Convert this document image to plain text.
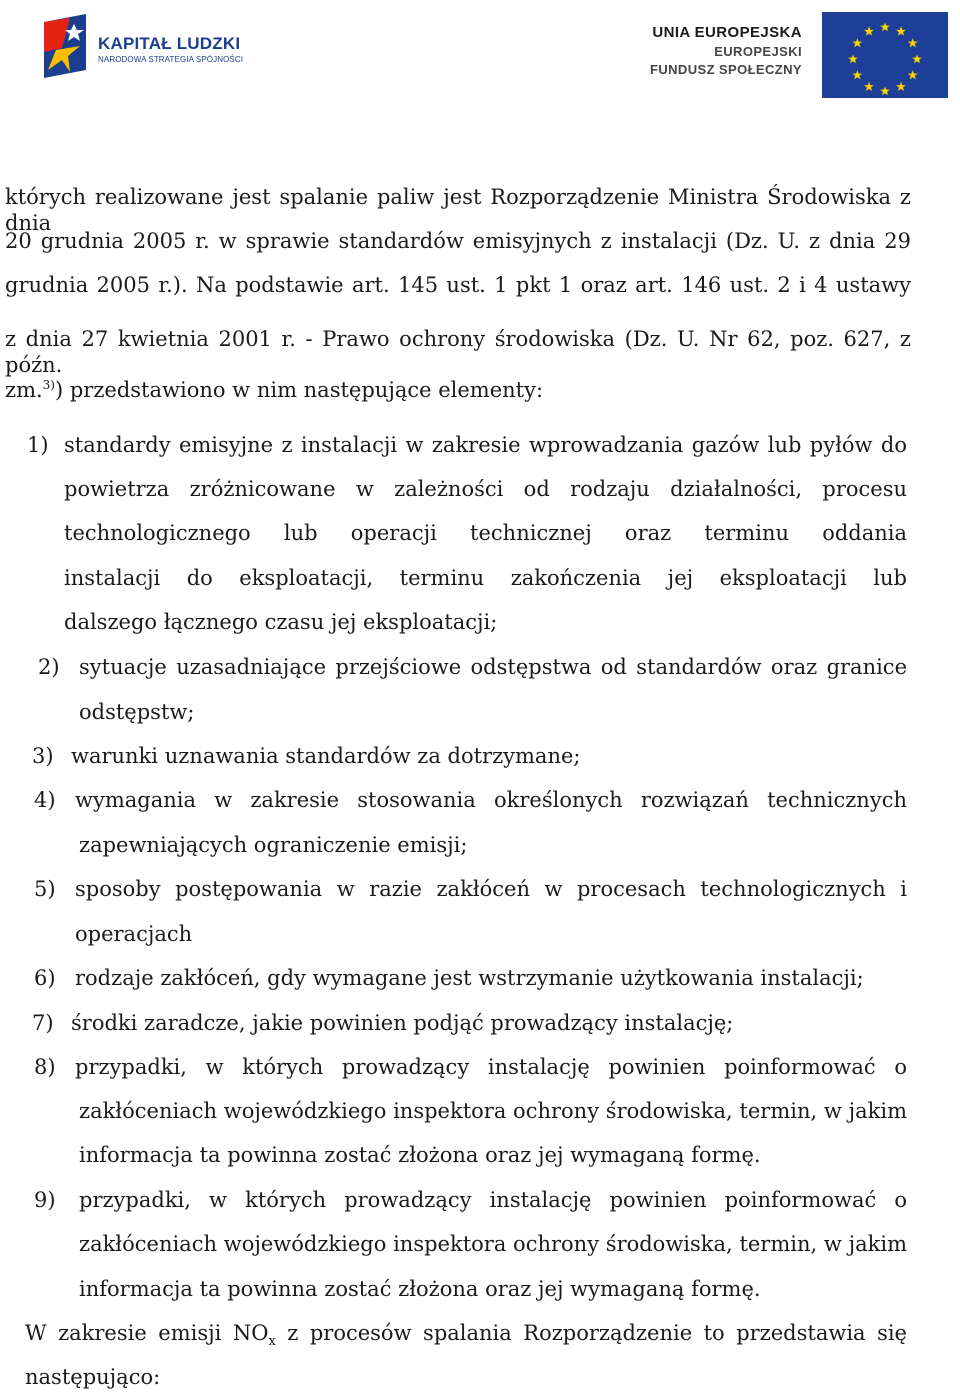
KAPITAŁ LUDZKI
NARODOWA STRATEGIA SPÓJNOŚCI
UNIA EUROPEJSKA
EUROPEJSKI
FUNDUSZ SPOŁECZNY
których realizowane jest spalanie paliw jest Rozporządzenie Ministra Środowiska z dnia
20 grudnia 2005 r. w sprawie standardów emisyjnych z instalacji (Dz. U. z dnia 29
grudnia 2005 r.). Na podstawie art. 145 ust. 1 pkt 1 oraz art. 146 ust. 2 i 4 ustawy
z dnia 27 kwietnia 2001 r. - Prawo ochrony środowiska (Dz. U. Nr 62, poz. 627, z późn.
zm.$^{3)}$) przedstawiono w nim następujące elementy:
1) standardy emisyjne z instalacji w zakresie wprowadzania gazów lub pyłów do
powietrza zróżnicowane w zależności od rodzaju działalności, procesu
technologicznego lub operacji technicznej oraz terminu oddania
instalacji do eksploatacji, terminu zakończenia jej eksploatacji lub
dalszego łącznego czasu jej eksploatacji;
2) sytuacje uzasadniające przejściowe odstępstwa od standardów oraz granice
odstępstw;
3) warunki uznawania standardów za dotrzymane;
4) wymagania w zakresie stosowania określonych rozwiązań technicznych
zapewniających ograniczenie emisji;
5) sposoby postępowania w razie zakłóceń w procesach technologicznych i
operacjach
6) rodzaje zakłóceń, gdy wymagane jest wstrzymanie użytkowania instalacji;
7) środki zaradcze, jakie powinien podjąć prowadzący instalację;
8) przypadki, w których prowadzący instalację powinien poinformować o
zakłóceniach wojewódzkiego inspektora ochrony środowiska, termin, w jakim
informacja ta powinna zostać złożona oraz jej wymaganą formę.
9) przypadki, w których prowadzący instalację powinien poinformować o
zakłóceniach wojewódzkiego inspektora ochrony środowiska, termin, w jakim
informacja ta powinna zostać złożona oraz jej wymaganą formę.
W zakresie emisji $NO_x$ z procesów spalania Rozporządzenie to przedstawia się
następująco:
